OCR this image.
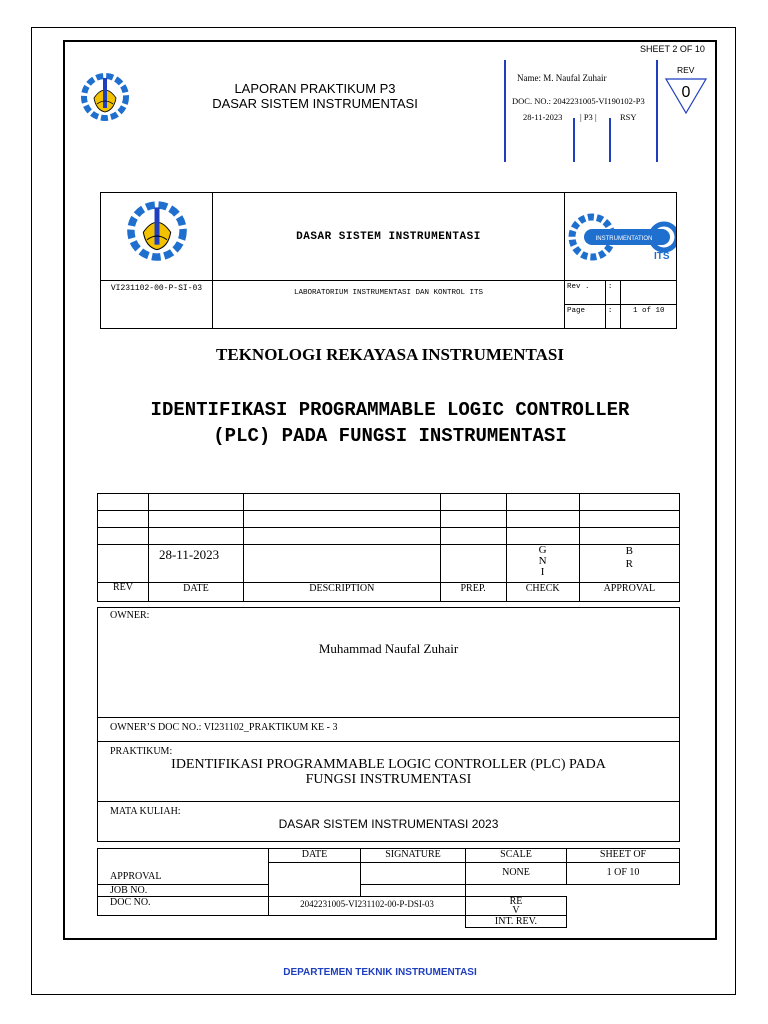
SHEET 2 OF 10
LAPORAN PRAKTIKUM P3
DASAR SISTEM INSTRUMENTASI
Name: M. Naufal Zuhair
DOC. NO.: 2042231005-VI190102-P3
28-11-2023 | P3 |	RSY
REV
0
	DASAR SISTEM INSTRUMENTASI	INSTRUMENTATION
ITS		

VI231102-00-P-SI-03	LABORATORIUM INSTRUMENTASI DAN KONTROL ITS	Rev .	:	
		Page	:	1 of 10
TEKNOLOGI REKAYASA INSTRUMENTASI
IDENTIFIKASI PROGRAMMABLE LOGIC CONTROLLER (PLC) PADA FUNGSI INSTRUMENTASI

	28-11-2023			GNI	BR
REV	DATE	DESCRIPTION	PREP.	CHECK	APPROVAL
OWNER:
Muhammad Naufal Zuhair

OWNER’S DOC NO.: VI231102_PRAKTIKUM KE - 3

PRAKTIKUM:
IDENTIFIKASI PROGRAMMABLE LOGIC CONTROLLER (PLC) PADA
FUNGSI INSTRUMENTASI

MATA KULIAH:
DASAR SISTEM INSTRUMENTASI 2023
APPROVAL	DATE	SIGNATURE	SCALE	SHEET OF
			NONE	1 OF 10
JOB NO.				
DOC NO.	2042231005-VI231102-00-P-DSI-03		REV	
			INT. REV.	
DEPARTEMEN TEKNIK INSTRUMENTASI
